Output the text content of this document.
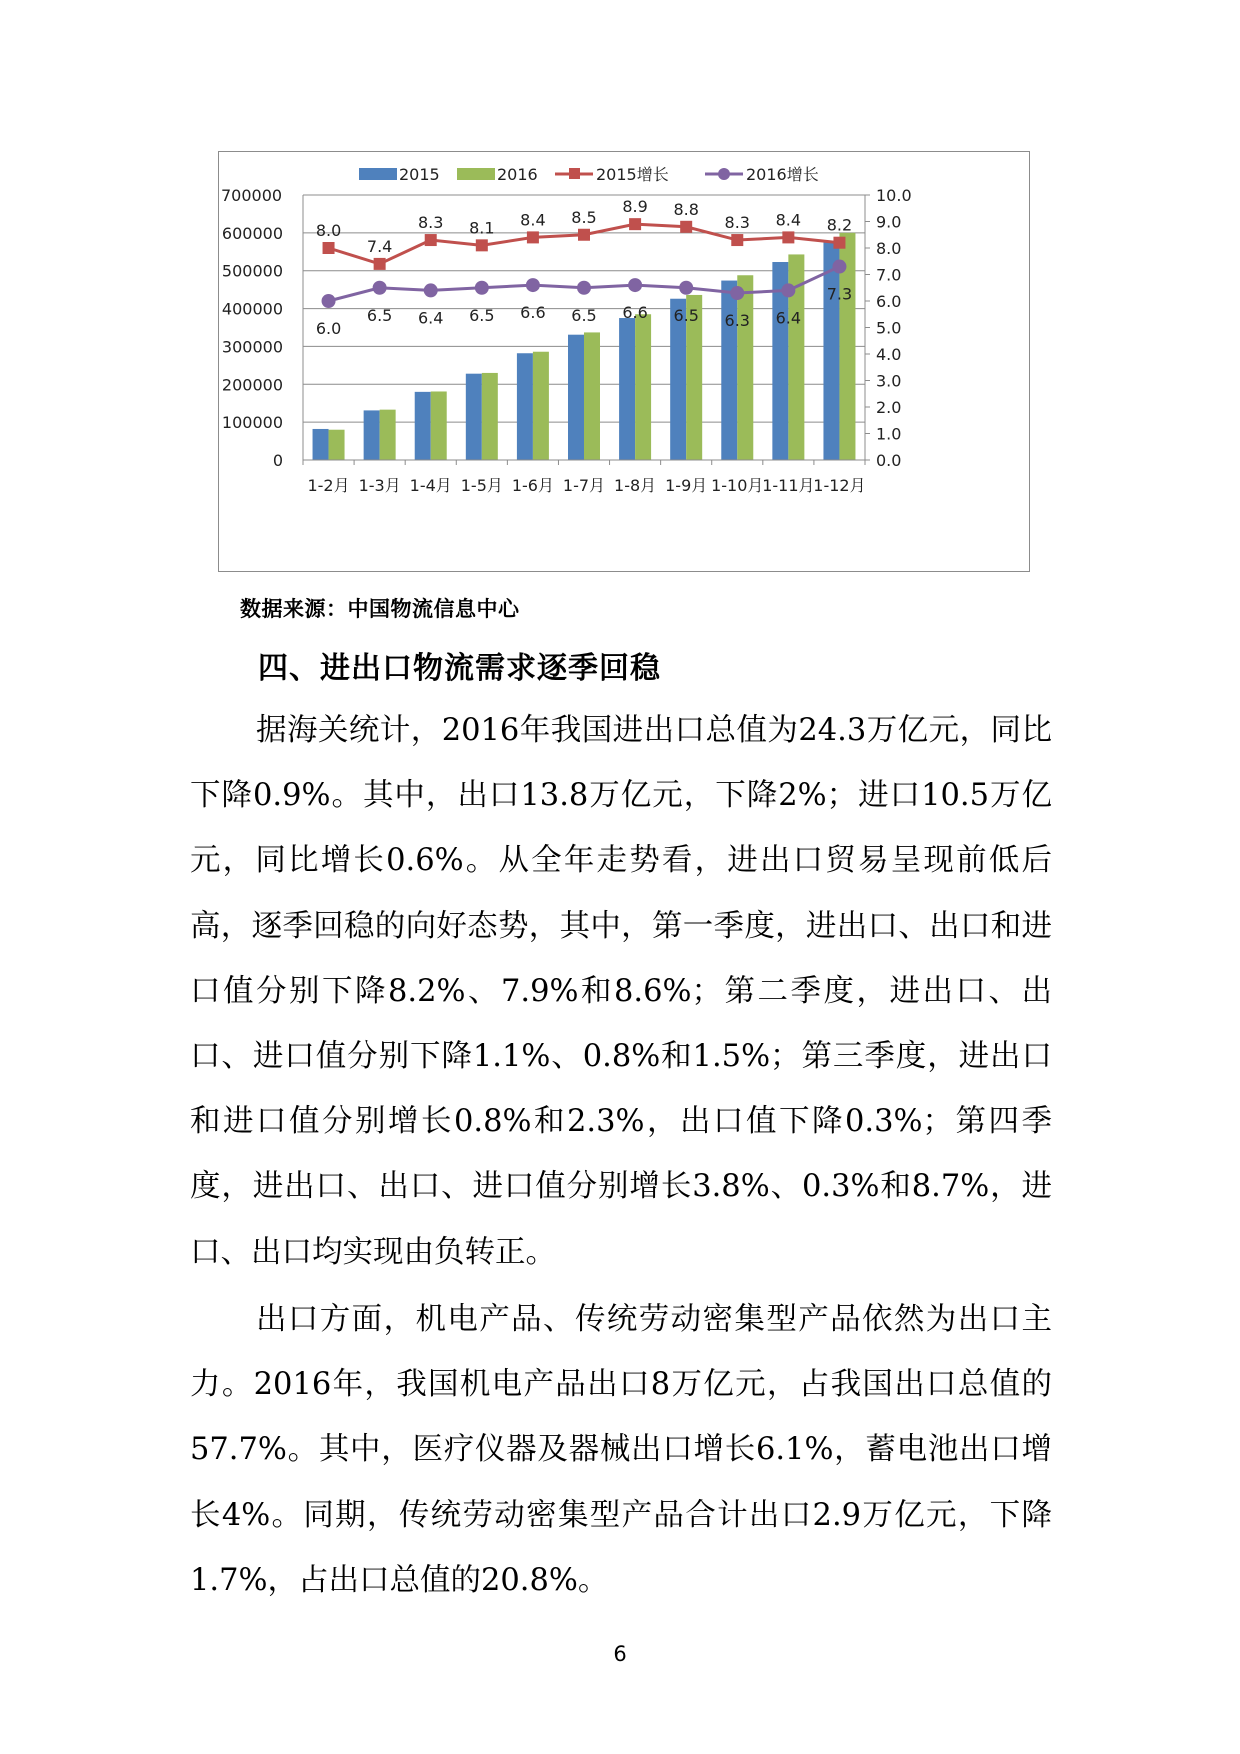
0
100000
200000
300000
400000
500000
600000
700000
0.0
1.0
2.0
3.0
4.0
5.0
6.0
7.0
8.0
9.0
10.0
1-2月 1-3月 1-4月 1-5月 1-6月 1-7月 1-8月 1-9月 1-10月
1-11月
1-12月
8.0
7.4
8.3 8.1 8.4 8.5
8.9 8.8
8.3 8.4 8.2
6.0
6.5 6.4 6.5 6.6 6.5 6.6 6.5 6.3 6.4
7.3
2015	2016	2015增长	2016增长
数据来源：中国物流信息中心
四、进出口物流需求逐季回稳

据海关统计，2016年我国进出口总值为24.3万亿元，同比下降0.9%。其中，出口13.8万亿元，下降2%；进口10.5万亿元，同比增长0.6%。从全年走势看，进出口贸易呈现前低后高，逐季回稳的向好态势，其中，第一季度，进出口、出口和进口值分别下降8.2%、7.9%和8.6%；第二季度，进出口、出口、进口值分别下降1.1%、0.8%和1.5%；第三季度，进出口和进口值分别增长0.8%和2.3%，出口值下降0.3%；第四季度，进出口、出口、进口值分别增长3.8%、0.3%和8.7%，进口、出口均实现由负转正。

出口方面，机电产品、传统劳动密集型产品依然为出口主力。2016年，我国机电产品出口8万亿元，占我国出口总值的57.7%。其中，医疗仪器及器械出口增长6.1%，蓄电池出口增长4%。同期，传统劳动密集型产品合计出口2.9万亿元，下降1.7%，占出口总值的20.8%。

6
